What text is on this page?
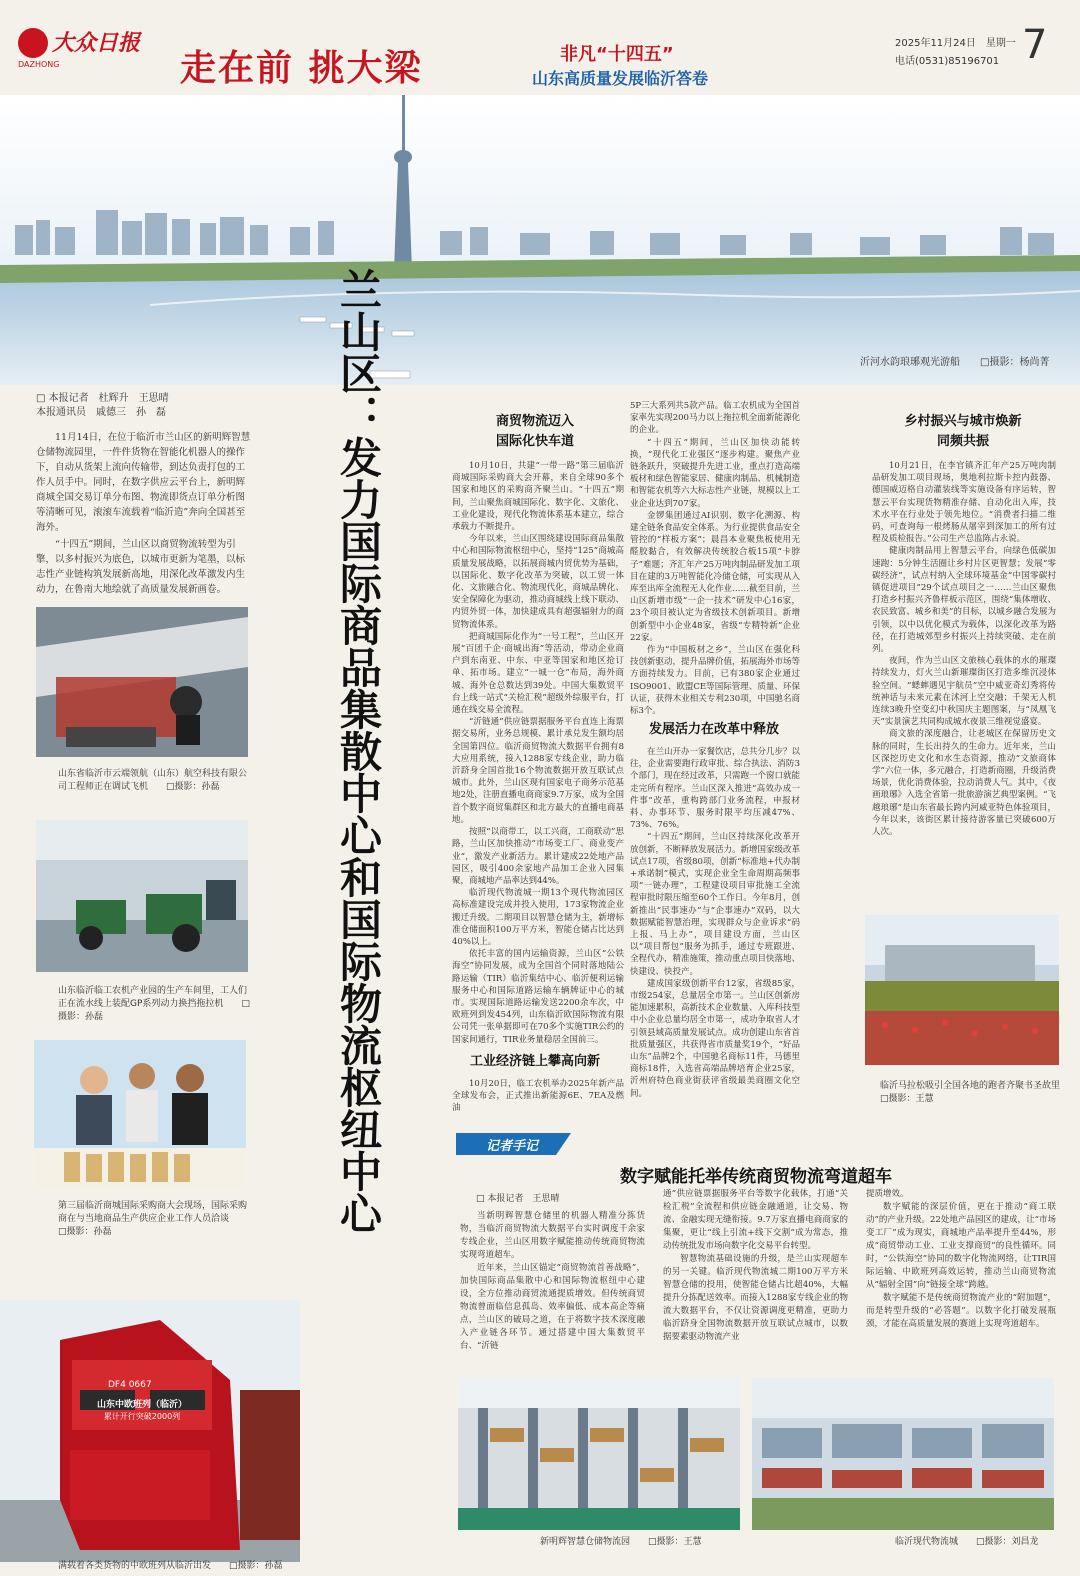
大众日报
DAZHONG	走在前 挑大梁	非凡“十四五”
山东高质量发展临沂答卷
2025年11月24日　星期一
电话(0531)85196701 7
沂河水韵琅琊观光游船　　□摄影：杨尚菁
兰山区：发力国际商品集散中心和国际物流枢纽中心
□ 本报记者　杜辉升　王思晴
本报通讯员　戚德三　孙　磊

11月14日，在位于临沂市兰山区的新明辉智慧仓储物流园里，一件件货物在智能化机器人的操作下，自动从货架上流向传输带，到达负责打包的工作人员手中。同时，在数字供应云平台上，新明辉商城全国交易订单分布图、物流即货点订单分析图等清晰可见，滚滚车流载着“临沂造”奔向全国甚至海外。

“十四五”期间，兰山区以商贸物流转型为引擎，以多村振兴为底色，以城市更新为笔墨，以标志性产业链构筑发展新高地，用深化改革激发内生动力，在鲁南大地绘就了高质量发展新画卷。

山东省临沂市云端领航（山东）航空科技有限公司工程师正在调试飞机　　□摄影：孙磊
山东临沂临工农机产业园的生产车间里，工人们正在流水线上装配GP系列动力换挡拖拉机　　□摄影：孙磊
第三届临沂商城国际采购商大会现场，国际采购商在与当地商品生产供应企业工作人员洽谈　　□摄影：孙磊
山东中欧班列（临沂）
累计开行突破2000列
DF4 0667
满载着各类货物的中欧班列从临沂出发　　□摄影：孙磊
商贸物流迈入
国际化快车道

10月10日，共建“一带一路”第三届临沂商城国际采购商大会开幕，来自全球90多个国家和地区的采购商齐聚兰山。“十四五”期间，兰山聚焦商城国际化、数字化、文旅化、工业化建设，现代化物流体系基本建立，综合承载力不断提升。

今年以来，兰山区围绕建设国际商品集散中心和国际物流枢纽中心，坚持“125”商城高质量发展战略，以拓展商城内贸优势为基础，以国际化、数字化改革为突破，以工贸一体化、文旅融合化、物流现代化，商城品牌化、安全保障化为驱动，推动商城线上线下联动、内贸外贸一体，加快建成具有超强辐射力的商贸物流体系。

把商城国际化作为“一号工程”，兰山区开展“百团千企·商城出海”等活动，带动企业商户到东南亚、中东、中亚等国家和地区抢订单、拓市场。建立“一城一仓”布局，海外商城、海外仓总数达到39处。中国大集数贸平台上线一站式“关检汇税”超级外综服平台，打通在线交易全流程。

“沂链通”供应链票据服务平台直连上海票据交易所，业务总规模、累计承兑发生额均居全国第四位。临沂商贸物流大数据平台拥有8大应用系统，接入1288家专线企业，助力临沂跻身全国首批16个物流数据开放互联试点城市。此外，兰山区现有国家电子商务示范基地2处，注册直播电商商家9.7万家，成为全国首个数字商贸集群区和北方最大的直播电商基地。

按照“以商带工，以工兴商，工商联动”思路，兰山区加快推动“市场变工厂、商业变产业”，激发产业新活力。累计建成22处地产品园区，吸引400余家地产品加工企业入园集聚，商城地产品率达到44%。

临沂现代物流城一期13个现代物流园区高标准建设完成并投入使用，173家物流企业搬迁升级。二期项目以智慧仓储为主，新增标准仓储面积100万平方米，智能仓储占比达到40%以上。

依托丰富的国内运输资源，兰山区“公铁海空”协同发展，成为全国首个同时落地陆公路运输（TIR）临沂集结中心、临沂便利运输服务中心和国际道路运输车辆牌证中心的城市。实现国际道路运输发送2200余车次，中欧班列到发454列，山东临沂欧国际物流有限公司凭一张单据即可在70多个实施TIR公约的国家间通行，TIR业务量稳居全国前三。

工业经济链上攀高向新

10月20日，临工农机举办2025年新产品全球发布会，正式推出新能源6E、7EA及燃油

5P三大系列共5款产品。临工农机成为全国首家率先实现200马力以上拖拉机全面新能源化的企业。

“十四五”期间，兰山区加快动能转换，“现代化工业强区”逐步构建。聚焦产业链条跃升，突破提升先进工业，重点打造高端板材和绿色智能家居、健康肉制品、机械制造和智能农机等六大标志性产业链，规模以上工业企业达到707家。

金锣集团通过AI识别、数字化溯源、构建全链条食品安全体系。为行业提供食品安全管控的“样板方案”；晨昌本业聚焦板使用无醛胶黏合，有效解决传统胶合板15项“卡脖子”难题；齐汇年产25万吨肉制品研发加工项目在建的3万吨智能化冷储仓储，可实现从入库至出库全流程无人化作业……截至目前，兰山区新增市级“一企一技术”研发中心16家，23个项目被认定为省级技术创新项目。新增创新型中小企业48家，省级“专精特新”企业22家。

作为“中国板材之乡”，兰山区在强化科技创新驱动，提升品牌价值，拓展海外市场等方面持续发力。目前，已有380家企业通过ISO9001、欧盟CE等国际管理、质量、环保认证，获得木业相关专利230项，中国驰名商标3个。

发展活力在改革中释放

在兰山开办一家餐饮店，总共分几步？以往，企业需要跑行政审批、综合执法、消防3个部门，现在经过改革，只需跑一个窗口就能走完所有程序。兰山区深入推进“高效办成一件事”改革，重构跨部门业务流程，申报材料、办事环节、服务时限平均压减47%、73%、76%。

“十四五”期间，兰山区持续深化改革开放创新，不断释放发展活力。新增国家级改革试点17项，省级80项，创新“标准地+代办制+承诺制”模式，实现企业全生命周期高频事项“一链办理”，工程建设项目审批施工全流程审批时限压缩至60个工作日。今年8月，创新推出“民事速办”与“企事速办”双码，以大数据赋能智慧治理，实现群众与企业诉求“码上报、马上办”，项目建设方面，兰山区以“项目帮包”服务为抓手，通过专班跟进、全程代办，精准施策，推动重点项目快落地、快建设、快投产。

建成国家级创新平台12家，省级85家，市级254家，总量居全市第一。兰山区创新房能加速累积，高新技术企业数量、入库科技型中小企业总量均居全市第一，成功争取省人才引领县域高质量发展试点。成功创建山东省首批质量强区，共获得省市质量奖19个，“好品山东”品牌2个，中国驰名商标11件，马德里商标18件，入选省高端品牌培育企业25家，沂州府特色商业街获评省级最美商圈文化空间。

乡村振兴与城市焕新
同频共振

10月21日，在李官镇齐汇年产25万吨肉制品研发加工项目现场，奥地利拉斯卡控内鼓器、德国威迈格自动灌装线等实施设备有序运转，智慧云平台实现货物精准存储、自动化出入库，技术水平在行业处于领先地位。“消费者扫描二维码，可查询每一根烤肠从屠宰到深加工的所有过程及质检报告。”公司生产总监陈占永说。

健康肉制品用上智慧云平台，向绿色低碳加速跑：5分钟生活圈让乡村片区更智慧；发展“零碳经济”，试点村纳入全球环境基金“中国零碳村镇促进项目”29个试点项目之一……兰山区聚焦打造乡村振兴齐鲁样板示范区，围绕“集体增收、农民致富、城乡和美”的目标，以城乡融合发展为引领，以中以优化模式为载体，以深化改革为路径，在打造城郊型乡村振兴上持续突破、走在前列。

夜间，作为兰山区文旅核心载体的水的璀璨持续发力，灯火兰山新璀璨街区打造多维沉浸体验空间。“蟋蟀遇见宇航员”空中威亚奇幻秀将传统神话与未来元素在沭河上空交融；千架无人机连续3晚升空变幻中秋国庆主题图案，与“凤凰飞天”实景演艺共同构成城水夜景三维视觉盛宴。

商文旅的深度融合，让老城区在保留历史文脉的同时，生长出持久的生命力。近年来，兰山区深挖历史文化和水生态资源，推动“文旅商体学”六位一体，多元融合，打造新商圈，升级消费场景，优化消费体验，拉动消费人气。其中，《夜画琅琊》入选全省第一批旅游演艺典型案例。“飞越琅琊”是山东省最长跨内河威亚特色体验项目，今年以来，该街区累计接待游客量已突破600万人次。

临沂马拉松吸引全国各地的跑者齐聚书圣故里　　□摄影：王慧
记者手记
数字赋能托举传统商贸物流弯道超车
□ 本报记者　王思晴

当新明辉智慧仓储里的机器人精准分拣货物，当临沂商贸物流大数据平台实时调度千余家专线企业，兰山区用数字赋能推动传统商贸物流实现弯道超车。

近年来，兰山区锚定“商贸物流首善战略”，加快国际商品集散中心和国际物流枢纽中心建设，全方位推动商贸流通提质增效。但传统商贸物流曾面临信息孤岛、效率偏低、成本高企等痛点，兰山区的破局之道，在于将数字技术深度融入产业链各环节。通过搭建中国大集数贸平台、“沂链

通”供应链票据服务平台等数字化载体，打通“关检汇税”全流程和供应链金融通道，让交易、物流、金融实现无缝衔接。9.7万家直播电商商家的集聚，更让“线上引流+线下交割”成为常态，推动传统批发市场向数字化交易平台转型。

智慧物流基础设施的升级，是兰山实现超车的另一关键。临沂现代物流城二期100万平方米智慧仓储的投用，使智能仓储占比超40%，大幅提升分拣配送效率。而接入1288家专线企业的物流大数据平台，不仅让资源调度更精准，更助力临沂跻身全国物流数据开放互联试点城市，以数据要素驱动物流产业

提质增效。

数字赋能的深层价值，更在于推动“商工联动”的产业升级。22处地产品园区的建成，让“市场变工厂”成为现实，商城地产品率提升至44%，形成“商贸带动工业、工业支撑商贸”的良性循环。同时，“公铁海空”协同的数字化物流网络，让TIR国际运输、中欧班列高效运转，推动兰山商贸物流从“辐射全国”向“链接全球”跨越。

数字赋能不是传统商贸物流产业的“附加题”，而是转型升级的“必答题”。以数字化打破发展瓶颈，才能在高质量发展的赛道上实现弯道超车。

新明辉智慧仓储物流园　　□摄影：王慧	临沂现代物流城　　□摄影：刘昌龙
